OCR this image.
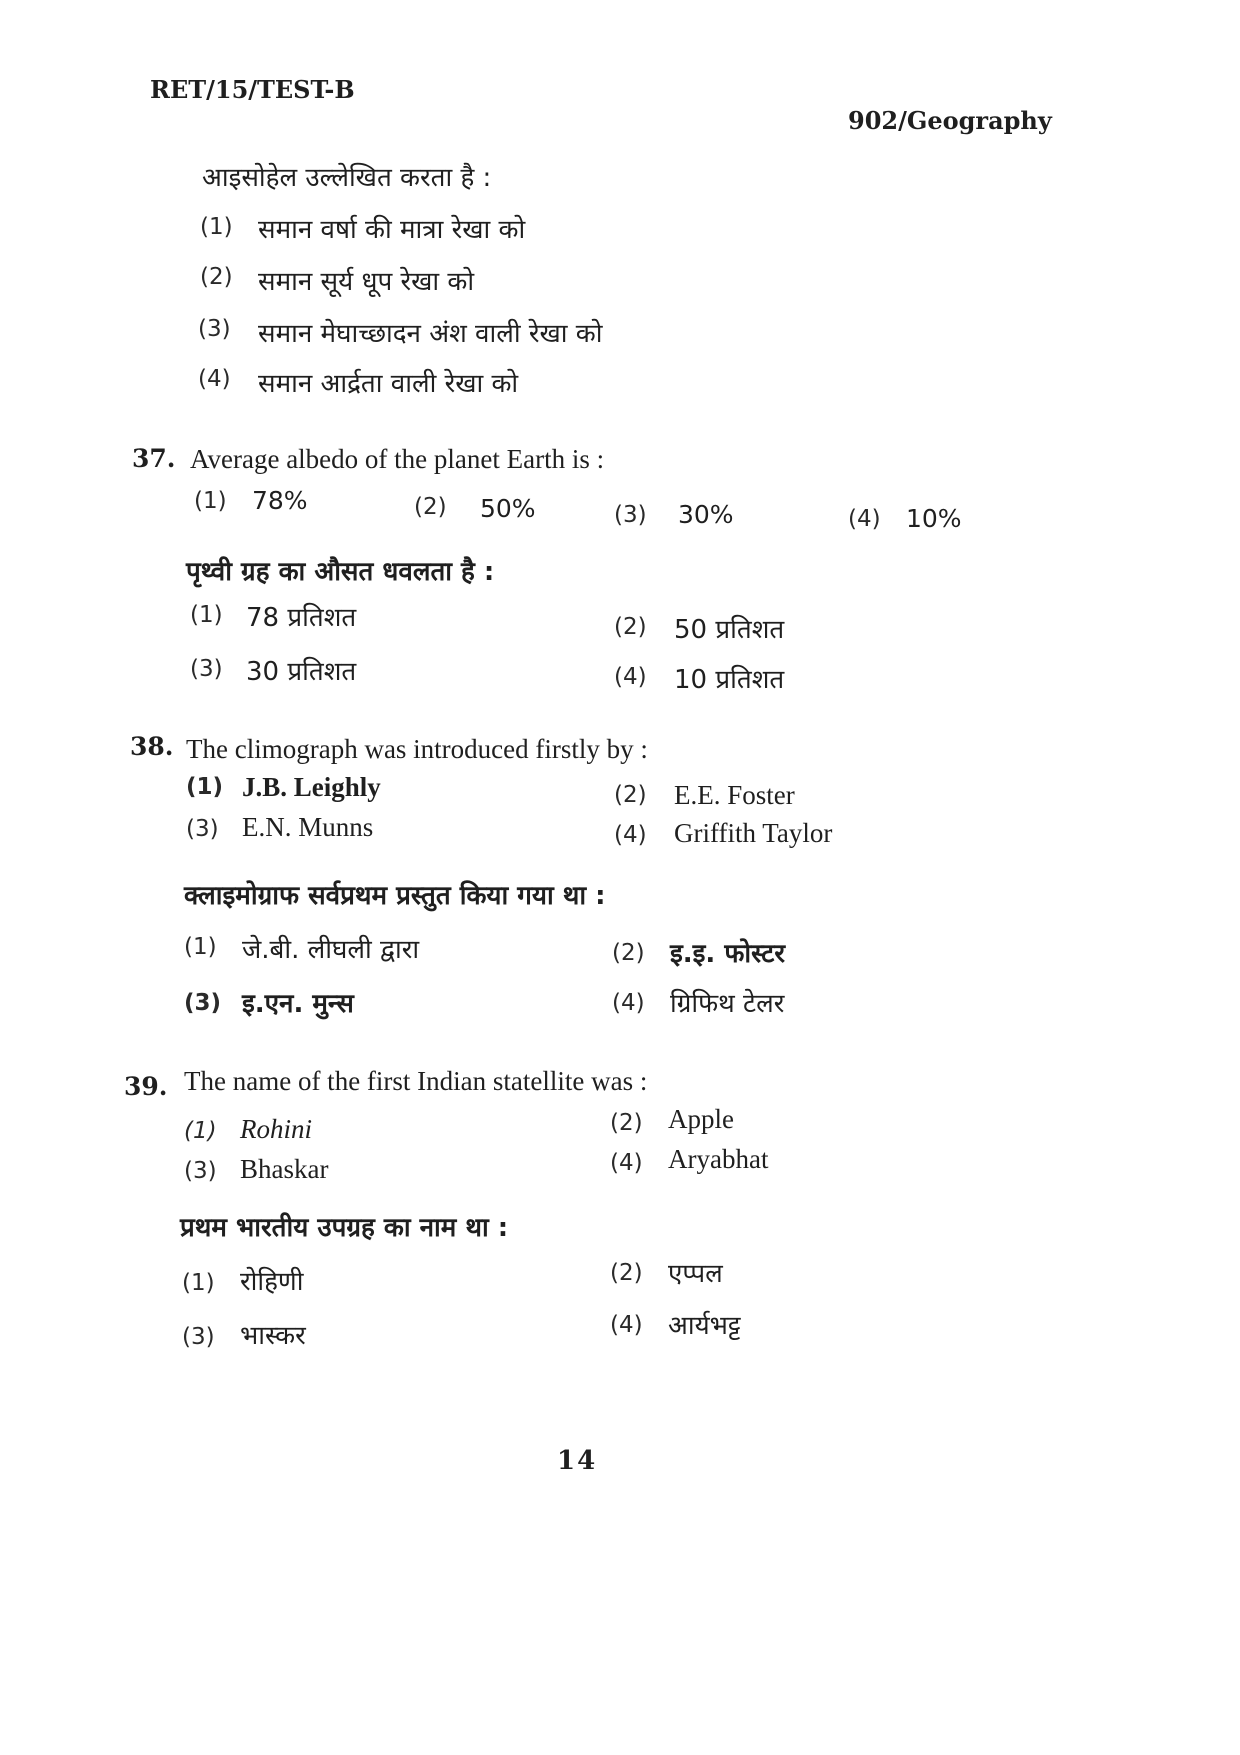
RET/15/TEST-B
902/Geography
आइसोहेल उल्लेखित करता है :
(1) समान वर्षा की मात्रा रेखा को
(2) समान सूर्य धूप रेखा को
(3) समान मेघाच्छादन अंश वाली रेखा को
(4) समान आर्द्रता वाली रेखा को
37. Average albedo of the planet Earth is :
(1) 78%	(2) 50%	(3) 30%	(4) 10%
पृथ्वी ग्रह का औसत धवलता है :
(1) 78 प्रतिशत	(2) 50 प्रतिशत
(3) 30 प्रतिशत	(4) 10 प्रतिशत
38. The climograph was introduced firstly by :
(1) J.B. Leighly	(2) E.E. Foster
(3) E.N. Munns	(4) Griffith Taylor
क्लाइमोग्राफ सर्वप्रथम प्रस्तुत किया गया था :
(1) जे.बी. लीघली द्वारा	(2) इ.इ. फोस्टर
(3) इ.एन. मुन्स	(4) ग्रिफिथ टेलर
39. The name of the first Indian statellite was :
(1) Rohini	(2) Apple
(3) Bhaskar	(4) Aryabhat
प्रथम भारतीय उपग्रह का नाम था :
(1) रोहिणी	(2) एप्पल
(3) भास्कर	(4) आर्यभट्ट
14
